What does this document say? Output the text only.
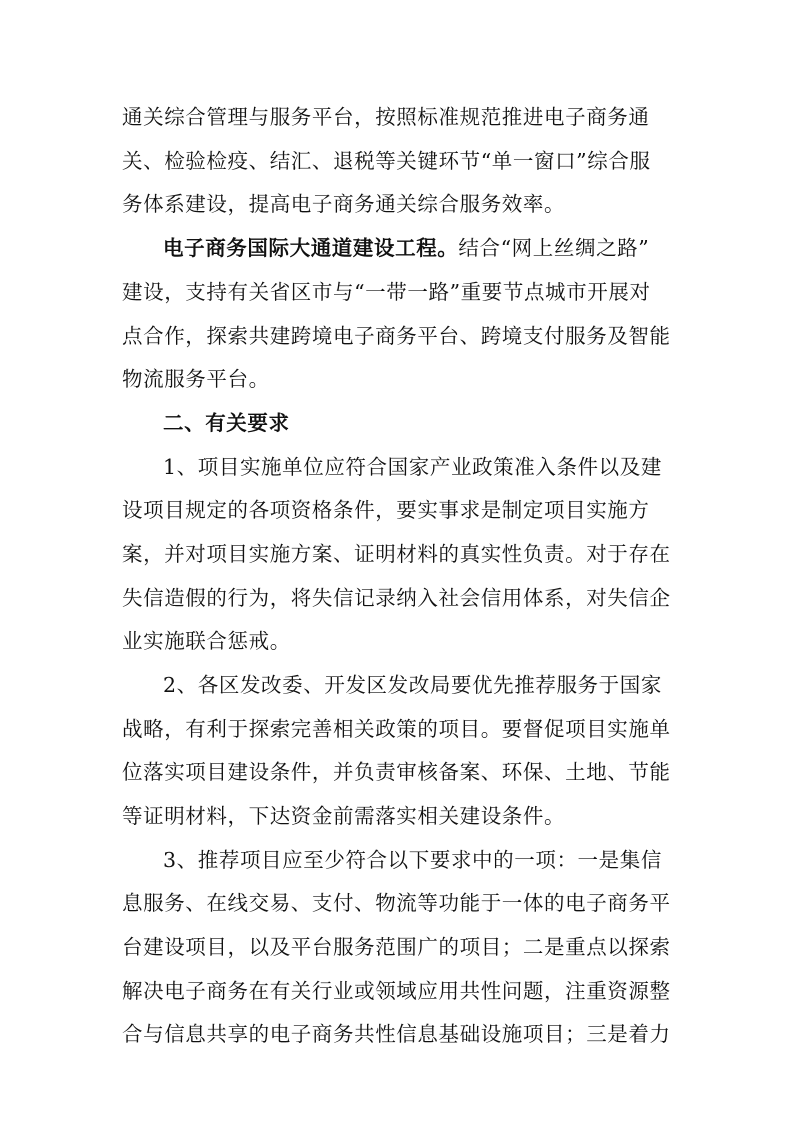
通关综合管理与服务平台，按照标准规范推进电子商务通
关、检验检疫、结汇、退税等关键环节“单一窗口”综合服
务体系建设，提高电子商务通关综合服务效率。
电子商务国际大通道建设工程。结合“网上丝绸之路”
建设，支持有关省区市与“一带一路”重要节点城市开展对
点合作，探索共建跨境电子商务平台、跨境支付服务及智能
物流服务平台。
二、有关要求
1、项目实施单位应符合国家产业政策准入条件以及建
设项目规定的各项资格条件，要实事求是制定项目实施方
案，并对项目实施方案、证明材料的真实性负责。对于存在
失信造假的行为，将失信记录纳入社会信用体系，对失信企
业实施联合惩戒。
2、各区发改委、开发区发改局要优先推荐服务于国家
战略，有利于探索完善相关政策的项目。要督促项目实施单
位落实项目建设条件，并负责审核备案、环保、土地、节能
等证明材料，下达资金前需落实相关建设条件。
3、推荐项目应至少符合以下要求中的一项：一是集信
息服务、在线交易、支付、物流等功能于一体的电子商务平
台建设项目，以及平台服务范围广的项目；二是重点以探索
解决电子商务在有关行业或领域应用共性问题，注重资源整
合与信息共享的电子商务共性信息基础设施项目；三是着力
